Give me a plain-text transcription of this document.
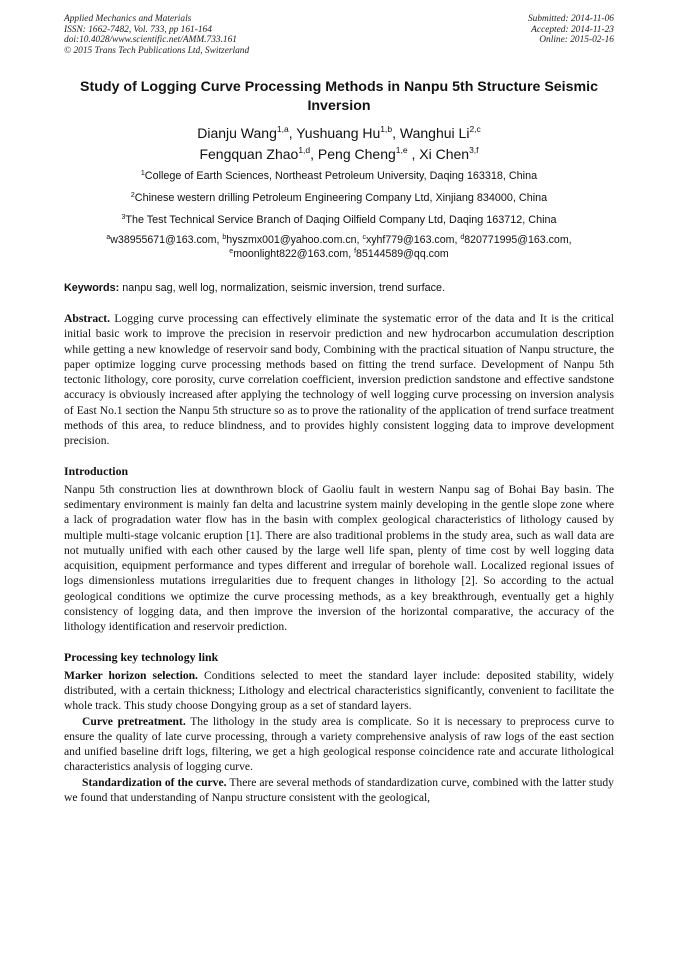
Applied Mechanics and Materials
ISSN: 1662-7482, Vol. 733, pp 161-164
doi:10.4028/www.scientific.net/AMM.733.161
© 2015 Trans Tech Publications Ltd, Switzerland
Submitted: 2014-11-06
Accepted: 2014-11-23
Online: 2015-02-16
Study of Logging Curve Processing Methods in Nanpu 5th Structure Seismic Inversion
Dianju Wang$^{1,a}$, Yushuang Hu$^{1,b}$, Wanghui Li$^{2,c}$
Fengquan Zhao$^{1,d}$, Peng Cheng$^{1,e}$ , Xi Chen$^{3,f}$
$^1$College of Earth Sciences, Northeast Petroleum University, Daqing 163318, China
$^2$Chinese western drilling Petroleum Engineering Company Ltd, Xinjiang 834000, China
$^3$The Test Technical Service Branch of Daqing Oilfield Company Ltd, Daqing 163712, China
$^a$w38955671@163.com, $^b$hyszmx001@yahoo.com.cn, $^c$xyhf779@163.com, $^d$820771995@163.com,
$^e$moonlight822@163.com, $^f$85144589@qq.com
Keywords: nanpu sag, well log, normalization, seismic inversion, trend surface.
Abstract. Logging curve processing can effectively eliminate the systematic error of the data and It is the critical initial basic work to improve the precision in reservoir prediction and new hydrocarbon accumulation description while getting a new knowledge of reservoir sand body, Combining with the practical situation of Nanpu structure, the paper optimize logging curve processing methods based on fitting the trend surface. Development of Nanpu 5th tectonic lithology, core porosity, curve correlation coefficient, inversion prediction sandstone and effective sandstone accuracy is obviously increased after applying the technology of well logging curve processing on inversion analysis of East No.1 section the Nanpu 5th structure so as to prove the rationality of the application of trend surface treatment methods of this area, to reduce blindness, and to provides highly consistent logging data to improve development precision.
Introduction

Nanpu 5th construction lies at downthrown block of Gaoliu fault in western Nanpu sag of Bohai Bay basin. The sedimentary environment is mainly fan delta and lacustrine system mainly developing in the gentle slope zone where a lack of progradation water flow has in the basin with complex geological characteristics of lithology caused by multiple multi-stage volcanic eruption [1]. There are also traditional problems in the study area, such as wall data are not mutually unified with each other caused by the large well life span, plenty of time cost by well logging data acquisition, equipment performance and types different and irregular of borehole wall. Localized regional issues of logs dimensionless mutations irregularities due to frequent changes in lithology [2]. So according to the actual geological conditions we optimize the curve processing methods, as a key breakthrough, eventually get a highly consistency of logging data, and then improve the inversion of the horizontal comparative, the accuracy of the lithology identification and reservoir prediction.

Processing key technology link

Marker horizon selection. Conditions selected to meet the standard layer include: deposited stability, widely distributed, with a certain thickness; Lithology and electrical characteristics significantly, convenient to facilitate the whole track. This study choose Dongying group as a set of standard layers.

Curve pretreatment. The lithology in the study area is complicate. So it is necessary to preprocess curve to ensure the quality of late curve processing, through a variety comprehensive analysis of raw logs of the east section and unified baseline drift logs, filtering, we get a high geological response coincidence rate and accurate lithological characteristics analysis of logging curve.

Standardization of the curve. There are several methods of standardization curve, combined with the latter study we found that understanding of Nanpu structure consistent with the geological,
